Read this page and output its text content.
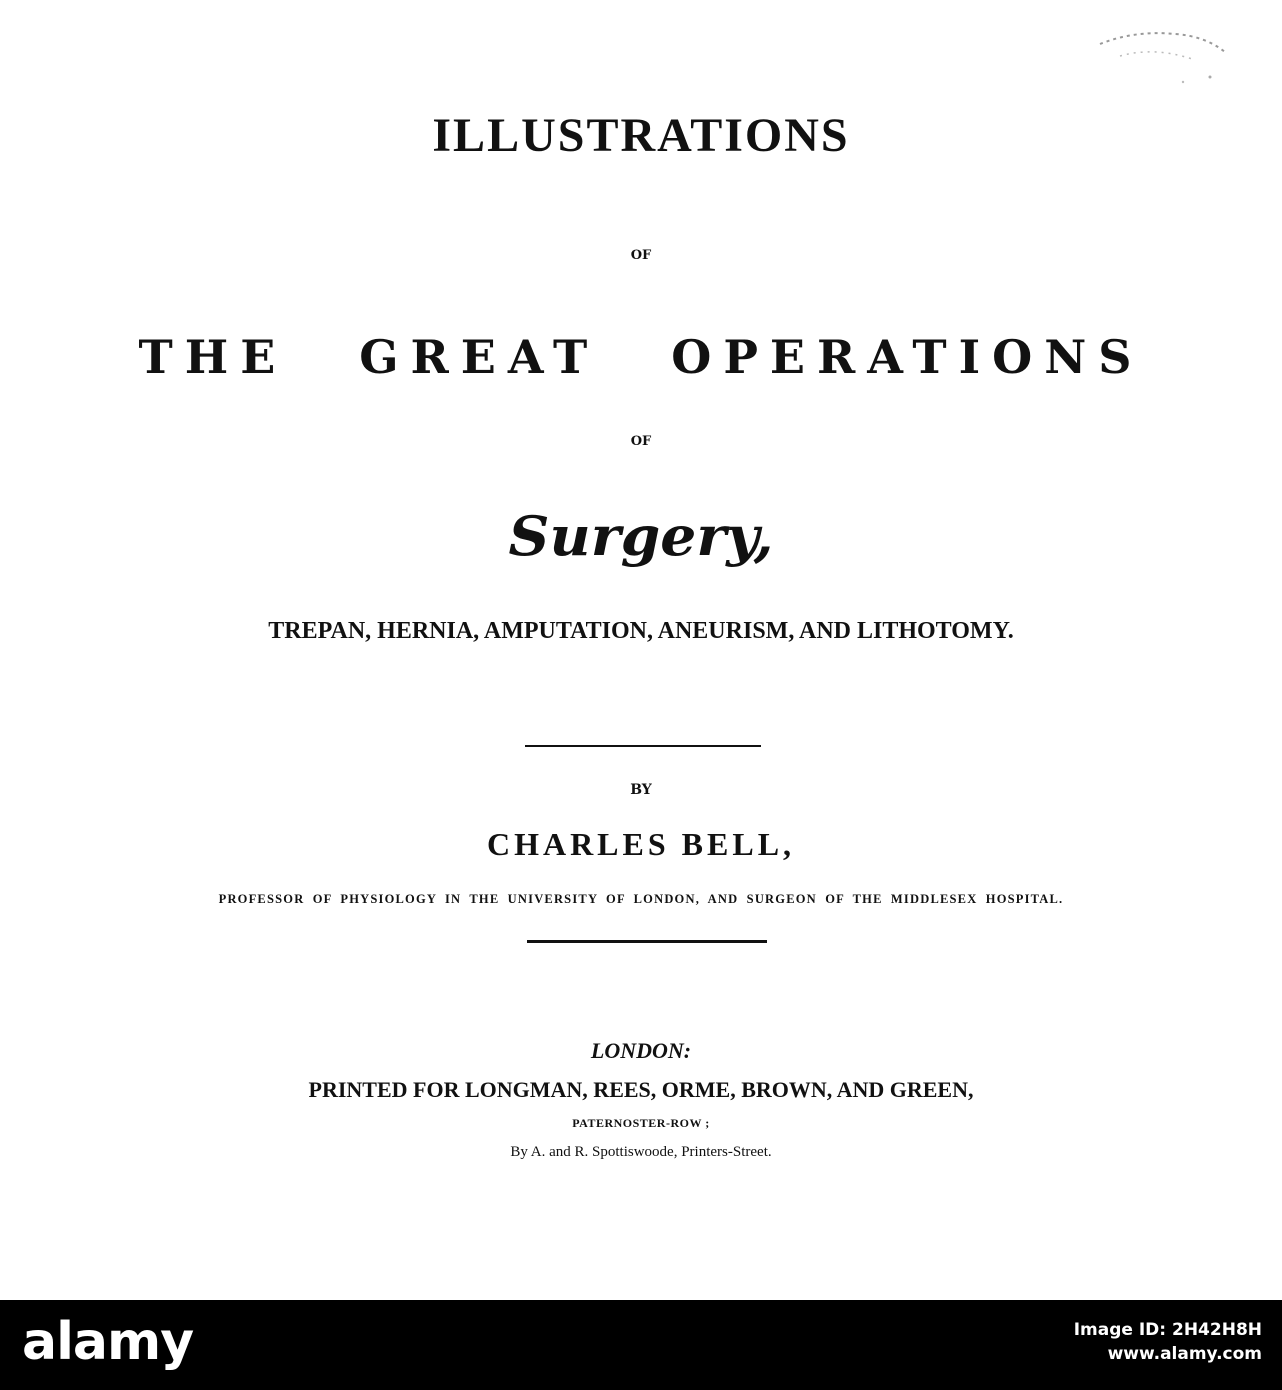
ILLUSTRATIONS
OF
THE GREAT OPERATIONS
OF
Surgery,
TREPAN, HERNIA, AMPUTATION, ANEURISM, AND LITHOTOMY.
BY
CHARLES BELL,
PROFESSOR OF PHYSIOLOGY IN THE UNIVERSITY OF LONDON, AND SURGEON OF THE MIDDLESEX HOSPITAL.
LONDON:
PRINTED FOR LONGMAN, REES, ORME, BROWN, AND GREEN,
PATERNOSTER-ROW ;
By A. and R. Spottiswoode, Printers-Street.
alamy	Image ID: 2H42H8H
www.alamy.com
